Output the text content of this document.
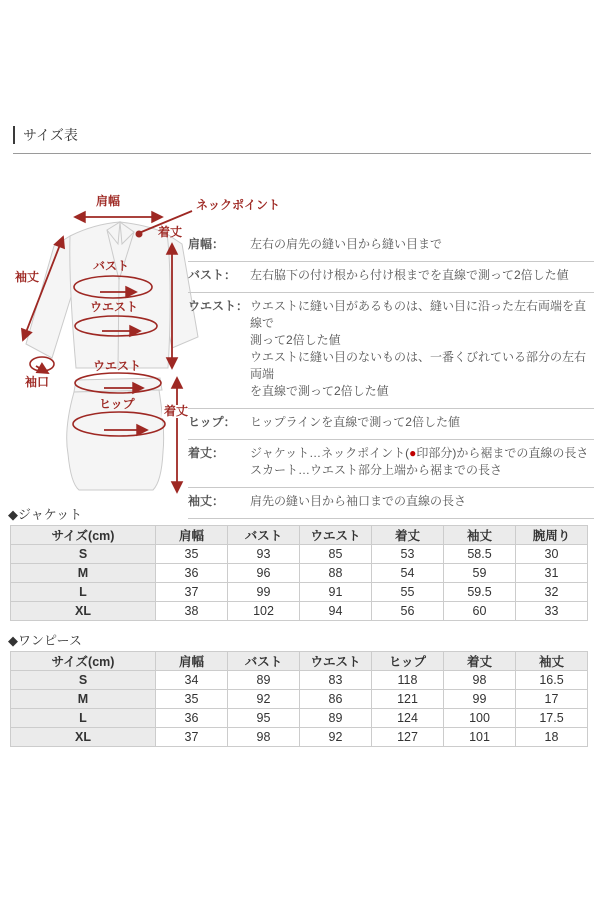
サイズ表
肩幅	ネックポイント
着丈
袖丈
バスト
ウエスト
袖口
ウエスト
ヒップ 着丈
肩幅：	左右の肩先の縫い目から縫い目まで
バスト：	左右脇下の付け根から付け根までを直線で測って2倍した値
ウエスト： ウエストに縫い目があるものは、縫い目に沿った左右両端を直線で
測って2倍した値
ウエストに縫い目のないものは、一番くびれている部分の左右両端
を直線で測って2倍した値
ヒップ：	ヒップラインを直線で測って2倍した値
着丈：	ジャケット…ネックポイント(●印部分)から裾までの直線の長さ
スカート…ウエスト部分上端から裾までの長さ
袖丈：	肩先の縫い目から袖口までの直線の長さ
◆ジャケット
サイズ(cm)	肩幅	バスト	ウエスト	着丈	袖丈	腕周り
S	35	93	85	53	58.5	30
M	36	96	88	54	59	31
L	37	99	91	55	59.5	32
XL	38	102	94	56	60	33
◆ワンピース
サイズ(cm)	肩幅	バスト	ウエスト	ヒップ	着丈	袖丈
S	34	89	83	118	98	16.5
M	35	92	86	121	99	17
L	36	95	89	124	100	17.5
XL	37	98	92	127	101	18
